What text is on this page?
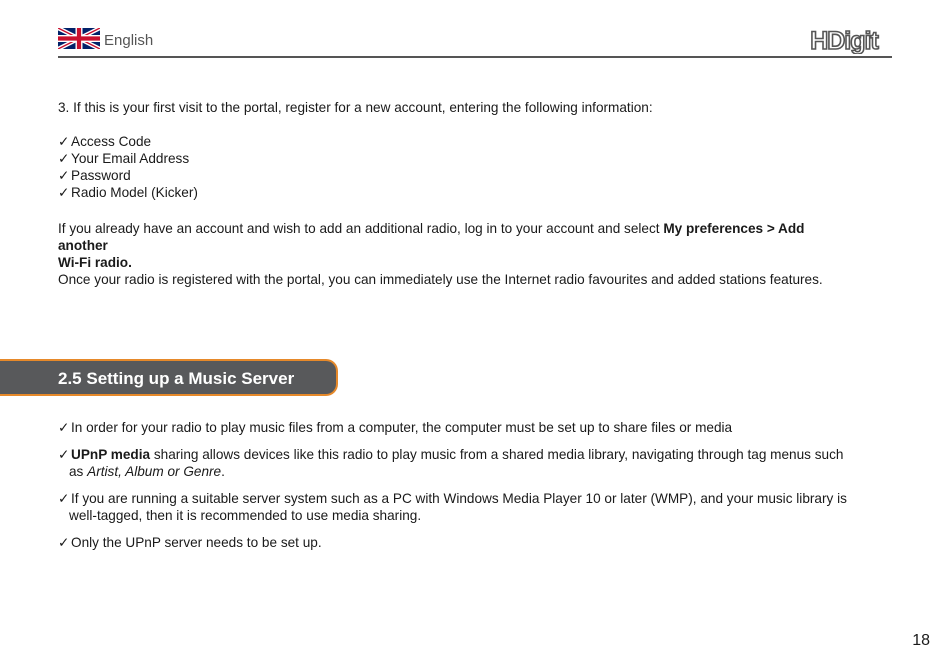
English	HDigit

3. If this is your first visit to the portal, register for a new account, entering the following information:

✓ Access Code
✓ Your Email Address
✓ Password
✓ Radio Model (Kicker)

If you already have an account and wish to add an additional radio, log in to your account and select My preferences > Add another
Wi-Fi radio.

Once your radio is registered with the portal, you can immediately use the Internet radio favourites and added stations features.

2.5 Setting up a Music Server

✓ In order for your radio to play music files from a computer, the computer must be set up to share files or media

✓ UPnP media sharing allows devices like this radio to play music from a shared media library, navigating through tag menus such
as Artist, Album or Genre.

✓ If you are running a suitable server system such as a PC with Windows Media Player 10 or later (WMP), and your music library is
well-tagged, then it is recommended to use media sharing.

✓ Only the UPnP server needs to be set up.

18
